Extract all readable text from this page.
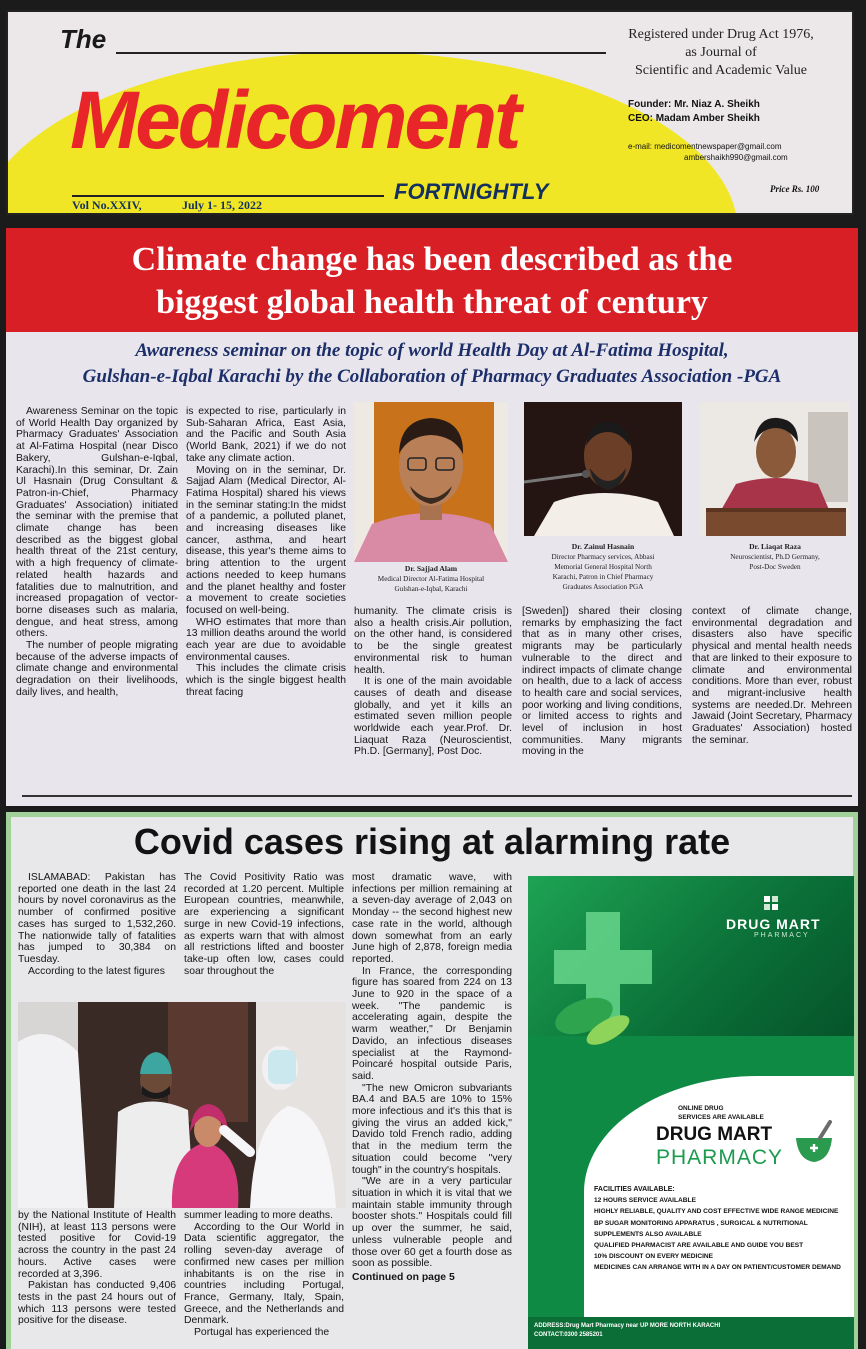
The
Medicoment
FORTNIGHTLY
Vol No.XXIV,	July 1- 15, 2022
Registered under Drug Act 1976,
as Journal of
Scientific and Academic Value
Founder: Mr. Niaz A. Sheikh
CEO: Madam Amber Sheikh
e-mail: medicomentnewspaper@gmail.com
ambershaikh990@gmail.com
Price Rs. 100
Climate change has been described as the
biggest global health threat of century
Awareness seminar on the topic of world Health Day at Al-Fatima Hospital,
Gulshan-e-Iqbal Karachi by the Collaboration of Pharmacy Graduates Association -PGA

Awareness Seminar on the topic of World Health Day organized by Pharmacy Graduates' Association at Al-Fatima Hospital (near Disco Bakery, Gulshan-e-Iqbal, Karachi).In this seminar, Dr. Zain Ul Hasnain (Drug Consultant & Patron-in-Chief, Pharmacy Graduates' Association) initiated the seminar with the premise that climate change has been described as the biggest global health threat of the 21st century, with a high frequency of climate-related health hazards and fatalities due to malnutrition, and increased propagation of vector-borne diseases such as malaria, dengue, and heat stress, among others.

The number of people migrating because of the adverse impacts of climate change and environmental degradation on their livelihoods, daily lives, and health,

is expected to rise, particularly in Sub-Saharan Africa, East Asia, and the Pacific and South Asia (World Bank, 2021) if we do not take any climate action.

Moving on in the seminar, Dr. Sajjad Alam (Medical Director, Al-Fatima Hospital) shared his views in the seminar stating:In the midst of a pandemic, a polluted planet, and increasing diseases like cancer, asthma, and heart disease, this year's theme aims to bring attention to the urgent actions needed to keep humans and the planet healthy and foster a movement to create societies focused on well-being.

WHO estimates that more than 13 million deaths around the world each year are due to avoidable environmental causes.

This includes the climate crisis which is the single biggest health threat facing

Dr. Sajjad Alam
Medical Director Al-Fatima Hospital
Gulshan-e-Iqbal, Karachi
Dr. Zainul Hasnain
Director Pharmacy services, Abbasi
Memorial General Hospital North
Karachi, Patron in Chief Pharmacy
Graduates Association PGA
Dr. Liaqat Raza
Neuroscientist, Ph.D Germany,
Post-Doc Sweden

humanity. The climate crisis is also a health crisis.Air pollution, on the other hand, is considered to be the single greatest environmental risk to human health.

It is one of the main avoidable causes of death and disease globally, and yet it kills an estimated seven million people worldwide each year.Prof. Dr. Liaquat Raza (Neuroscientist, Ph.D. [Germany], Post Doc.

[Sweden]) shared their closing remarks by emphasizing the fact that as in many other crises, migrants may be particularly vulnerable to the direct and indirect impacts of climate change on health, due to a lack of access to health care and social services, poor working and living conditions, or limited access to rights and level of inclusion in host communities. Many migrants moving in the

context of climate change, environmental degradation and disasters also have specific physical and mental health needs that are linked to their exposure to climate and environmental conditions. More than ever, robust and migrant-inclusive health systems are needed.Dr. Mehreen Jawaid (Joint Secretary, Pharmacy Graduates' Association) hosted the seminar.

Covid cases rising at alarming rate

ISLAMABAD: Pakistan has reported one death in the last 24 hours by novel coronavirus as the number of confirmed positive cases has surged to 1,532,260. The nationwide tally of fatalities has jumped to 30,384 on Tuesday.

According to the latest figures

The Covid Positivity Ratio was recorded at 1.20 percent. Multiple European countries, meanwhile, are experiencing a significant surge in new Covid-19 infections, as experts warn that with almost all restrictions lifted and booster take-up often low, cases could soar throughout the

by the National Institute of Health (NIH), at least 113 persons were tested positive for Covid-19 across the country in the past 24 hours. Active cases were recorded at 3,396.

Pakistan has conducted 9,406 tests in the past 24 hours out of which 113 persons were tested positive for the disease.

summer leading to more deaths.

According to the Our World in Data scientific aggregator, the rolling seven-day average of confirmed new cases per million inhabitants is on the rise in countries including Portugal, France, Germany, Italy, Spain, Greece, and the Netherlands and Denmark.

Portugal has experienced the

most dramatic wave, with infections per million remaining at a seven-day average of 2,043 on Monday -- the second highest new case rate in the world, although down somewhat from an early June high of 2,878, foreign media reported.

In France, the corresponding figure has soared from 224 on 13 June to 920 in the space of a week. "The pandemic is accelerating again, despite the warm weather," Dr Benjamin Davido, an infectious diseases specialist at the Raymond-Poincaré hospital outside Paris, said.

"The new Omicron subvariants BA.4 and BA.5 are 10% to 15% more infectious and it's this that is giving the virus an added kick," Davido told French radio, adding that in the medium term the situation could become "very tough" in the country's hospitals.

"We are in a very particular situation in which it is vital that we maintain stable immunity through booster shots." Hospitals could fill up over the summer, he said, unless vulnerable people and those over 60 get a fourth dose as soon as possible.

Continued on page 5

DRUG MART
PHARMACY
ONLINE DRUG
SERVICES ARE AVAILABLE
DRUG MART
PHARMACY
FACILITIES AVAILABLE:
12 HOURS SERVICE AVAILABLE
HIGHLY RELIABLE, QUALITY AND COST EFFECTIVE WIDE RANGE MEDICINE
BP SUGAR MONITORING APPARATUS , SURGICAL & NUTRITIONAL SUPPLEMENTS ALSO AVAILABLE
QUALIFIED PHARMACIST ARE AVAILABLE AND GUIDE YOU BEST
10% DISCOUNT ON EVERY MEDICINE
MEDICINES CAN ARRANGE WITH IN A DAY ON PATIENT/CUSTOMER DEMAND
ADDRESS:Drug Mart Pharmacy near UP MORE NORTH KARACHI
CONTACT:0300 2585201
